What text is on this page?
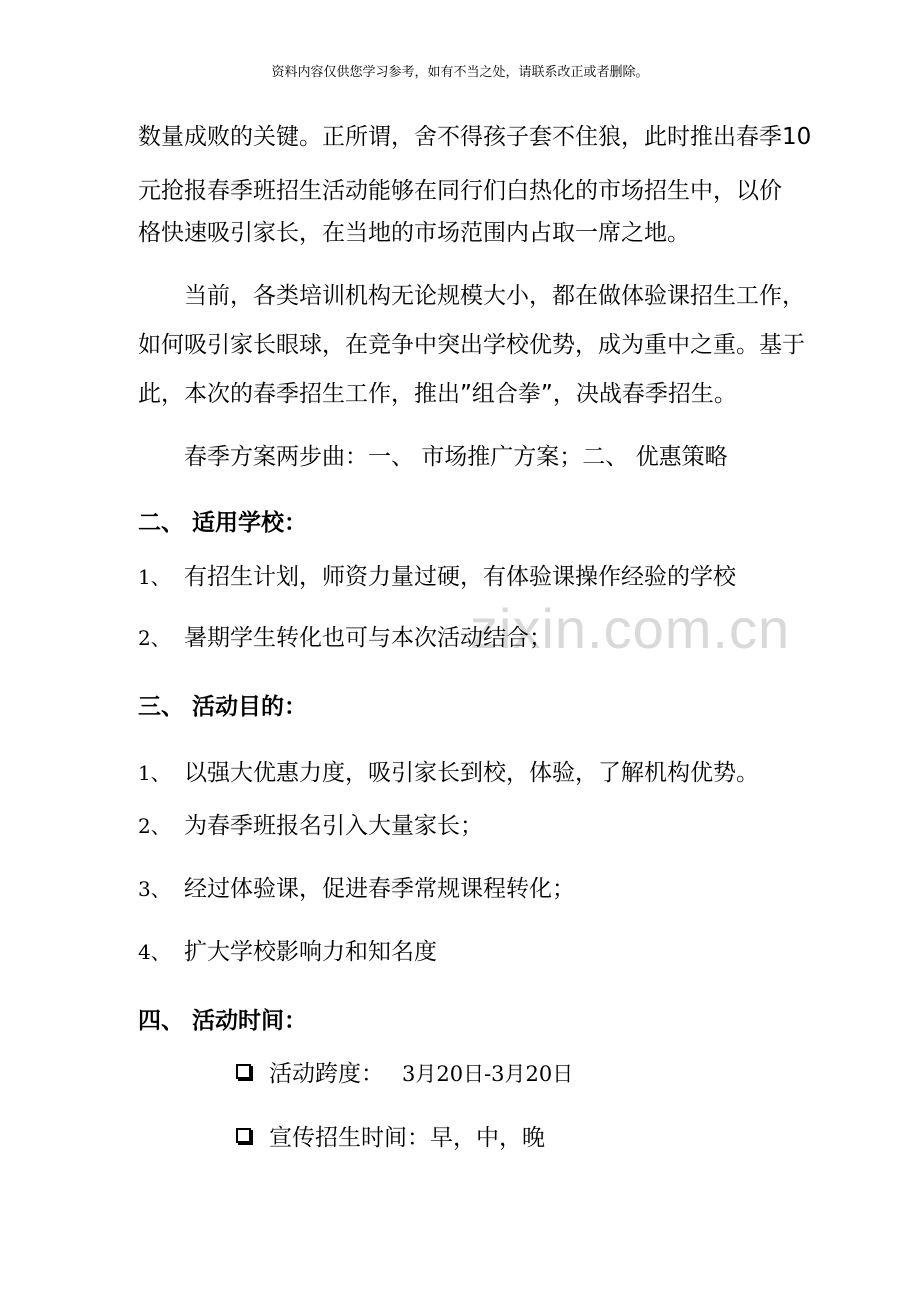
资料内容仅供您学习参考，如有不当之处，请联系改正或者删除。
zixin.com.cn
数量成败的关键。正所谓，舍不得孩子套不住狼，此时推出春季10
元抢报春季班招生活动能够在同行们白热化的市场招生中，以价
格快速吸引家长，在当地的市场范围内占取一席之地。
当前，各类培训机构无论规模大小，都在做体验课招生工作，
如何吸引家长眼球，在竞争中突出学校优势，成为重中之重。基于
此，本次的春季招生工作，推出”组合拳”，决战春季招生。
春季方案两步曲：一、 市场推广方案；二、 优惠策略
二、 适用学校：
1、 有招生计划，师资力量过硬，有体验课操作经验的学校
2、 暑期学生转化也可与本次活动结合；
三、 活动目的：
1、 以强大优惠力度，吸引家长到校，体验，了解机构优势。
2、 为春季班报名引入大量家长；
3、 经过体验课，促进春季常规课程转化；
4、 扩大学校影响力和知名度
四、 活动时间：
活动跨度： 3月20日-3月20日
宣传招生时间：早，中，晚
